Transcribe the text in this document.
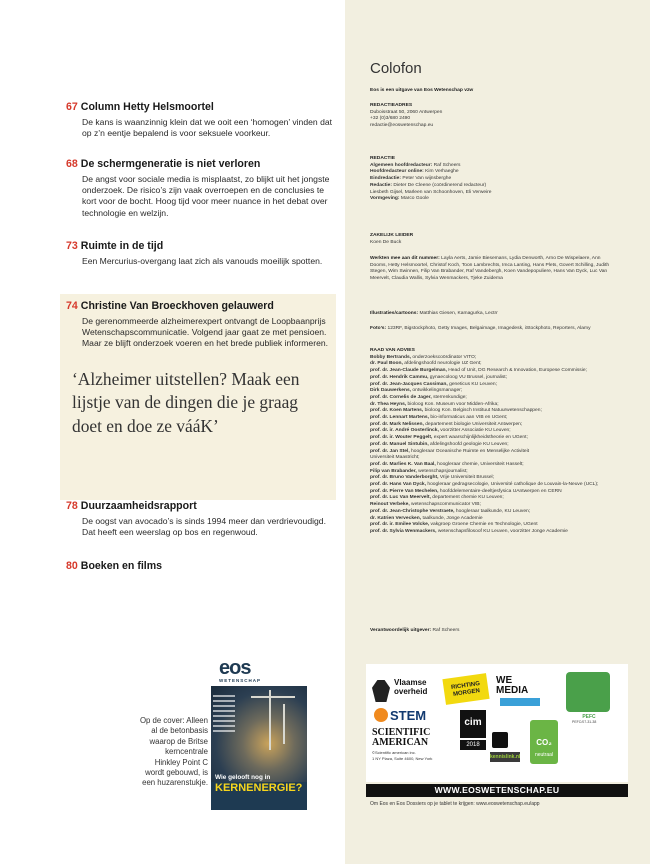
67 Column Hetty Helsmoortel
De kans is waanzinnig klein dat we ooit een ‘homogen’ vinden dat op z’n eentje bepalend is voor seksuele voorkeur.
68 De schermgeneratie is niet verloren
De angst voor sociale media is misplaatst, zo blijkt uit het jongste onderzoek. De risico’s zijn vaak overroepen en de conclusies te kort voor de bocht. Hoog tijd voor meer nuance in het debat over technologie en welzijn.
73 Ruimte in de tijd
Een Mercurius-overgang laat zich als vanouds moeilijk spotten.
74 Christine Van Broeckhoven gelauwerd
De gerenommeerde alzheimerexpert ontvangt de Loopbaanprijs Wetenschapscommunicatie. Volgend jaar gaat ze met pensioen. Maar ze blijft onderzoek voeren en het brede publiek informeren.
‘Alzheimer uitstellen? Maak een lijstje van de dingen die je graag doet en doe ze vááK’
78 Duurzaamheidsrapport
De oogst van avocado’s is sinds 1994 meer dan verdrievoudigd. Dat heeft een weerslag op bos en regenwoud.
80 Boeken en films
Op de cover: Alleen al de betonbasis waarop de Britse kerncentrale Hinkley Point C wordt gebouwd, is een huzarenstukje.
eos
WETENSCHAP
Wie gelooft nog in
KERNENERGIE?
Colofon
Eos is een uitgave van Eos Wetenschap vzw
REDACTIEADRES
Duboisstraat 50, 2060 Antwerpen
+32 (0)3/680 2490
redactie@eoswetenschap.eu
REDACTIE
Algemeen hoofdredacteur: Raf Scheers
Hoofdredacteur online: Kim Verhaeghe
Eindredactie: Peter Van wijnsberghe
Redactie: Dieter De Cleene (coördinerend redacteur)
Liesbeth Gijsel, Marleen van Schoonhoven, Eli Verweire
Vormgeving: Marco Goole
ZAKELIJK LEIDER
Koen De Buck
Werkten mee aan dit nummer: Layla Aerts, Jamie Biesemans, Lydia Denworth, Arno De Wispelaere, Ann Dooms, Hetty Helsmoortel, Christof Koch, Toon Lambrechts, Imca Lanting, Hans Plets, Govert Schilling, Judith Stegen, Wim Swinnen, Filip Van Brabander, Raf Vandebergh, Koen Vandepopuliere, Hans Van Dyck, Luc Van Meervelt, Claudia Wallis, Sylvia Wenmackers, Tjeke Zuidema
Illustraties/cartoons: Matthias Giesen, Kamagurka, Lectrr
Foto’s: 123RF, Bigstockphoto, Getty Images, Belgaimage, Imagedesk, iStockphoto, Reporters, Alamy
RAAD VAN ADVIES
Bobby Bertrands, onderzoekscoördinator VITO;
dr. Paul Boon, afdelingshoofd neurologie UZ Gent;
prof. dr. Jean-Claude Burgelman, Head of Unit, DG Research & Innovation, Europese Commissie;
prof. dr. Hendrik Cammu, gynaecoloog VU Brussel, journalist;
prof. dr. Jean-Jacques Cassiman, geneticus KU Leuven;
Dirk Dauwerkens, ontwikkelingsmanager;
prof. dr. Cornelis de Jager, sterrenkundige;
dr. Thea Heyns, bioloog Kon. Museum voor Midden-Afrika;
prof. dr. Koen Martens, bioloog Kon. Belgisch Instituut Natuurwetenschappen;
prof. dr. Lennart Martens, bio-informaticus aan VIB en UGent;
prof. dr. Mark Nelissen, departement biologie Universiteit Antwerpen;
prof. dr. ir. André Oosterlinck, voorzitter Associatie KU Leuven;
prof. dr. ir. Wouter Peggelt, expert waarschijnlijkheidstheorie en UGent;
prof. dr. Manuel Sintubin, afdelingshoofd geologie KU Leuven;
prof. dr. Jan Stel, hoogleraar Oceanische Ruimte en Menselijke Activiteit
Universiteit Maastricht;
prof. dr. Marlies K. Van Baal, hoogleraar chemie, Universiteit Hasselt;
Filip van Brabander, wetenschapsjournalist;
prof. dr. Bruno Vanderborght, Vrije Universiteit Brussel;
prof. dr. Hans Van Dyck, hoogleraar gedragsecologie, Université catholique de Louvain-la-Neuve (UCL);
prof. dr. Pierre Van Mechelen, hoofddelementaire-deeltjesfysica UAntwerpen en CERN
prof. dr. Luc Van Meervelt, departement chemie KU Leuven;
Reinout Verbeke, wetenschapscommunicator VIB;
prof. dr. Jean-Christophe Verstraete, hoogleraar taalkunde, KU Leuven;
dr. Katrien Vervecken, taalkunde, Jonge Academie
prof. dr. ir. Emilee Volcke, vakgroep Groene Chemie en Technologie, UGent
prof. dr. Sylvia Wenmackers, wetenschapsfilosoof KU Leuven, voorzitter Jonge Academie
Verantwoordelijk uitgever: Raf Scheers
Vlaamse overheid
RICHTING MORGEN
WE MEDIA
PEFC
PEFC/07-31-38
STEM
SCIENTIFIC
AMERICAN
©Scientific american inc.
1 NY Plaza, Suite 4600, New York
cim
2018
kennislink.nl
CO₂
neutraal
WWW.EOSWETENSCHAP.EU
Om Eos en Eos Dossiers op je tablet te krijgen: www.eoswetenschap.eu/app
